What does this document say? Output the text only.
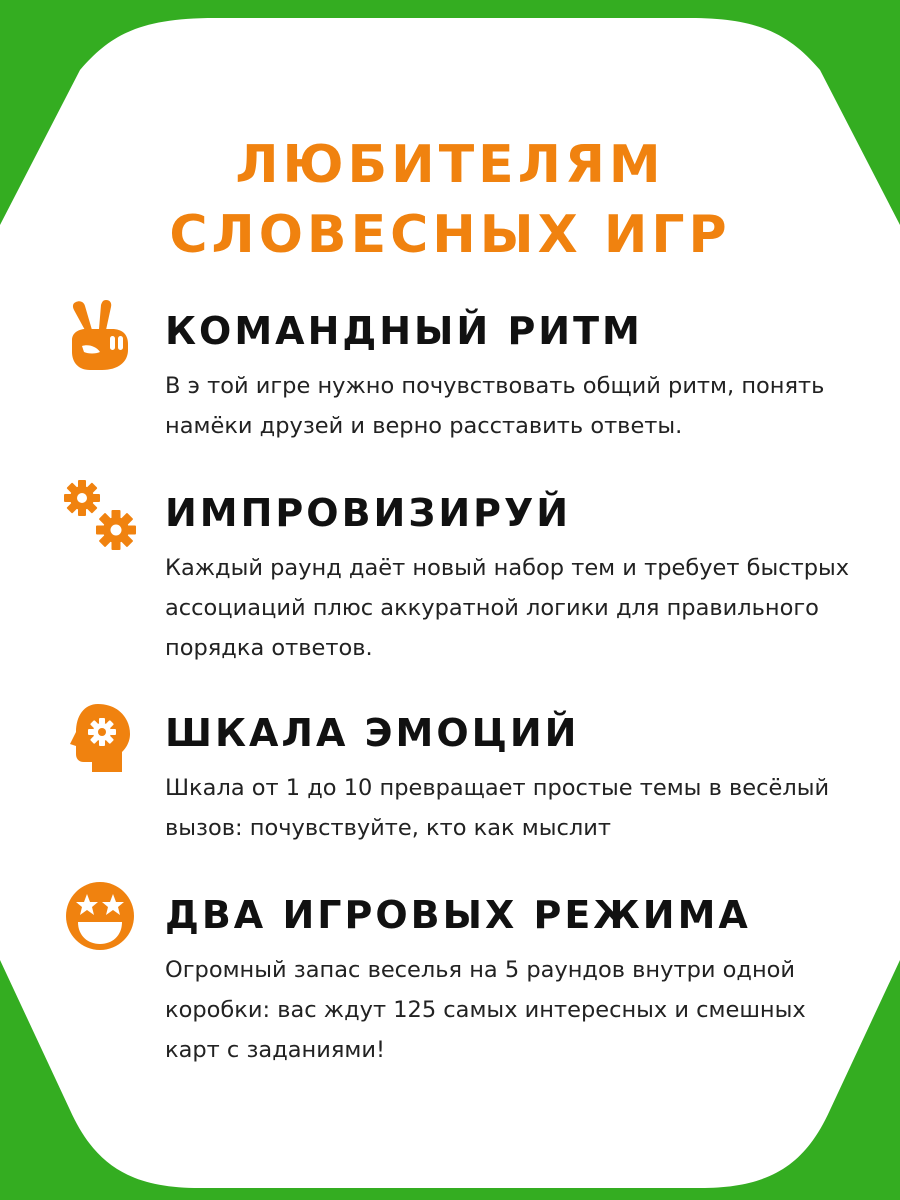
ЛЮБИТЕЛЯМ
СЛОВЕСНЫХ ИГР
КОМАНДНЫЙ РИТМ

В э той игре нужно почувствовать общий ритм, понять намёки друзей и верно расставить ответы.

ИМПРОВИЗИРУЙ

Каждый раунд даёт новый набор тем и требует быстрых ассоциаций плюс аккуратной логики для правильного порядка ответов.

ШКАЛА ЭМОЦИЙ

Шкала от 1 до 10 превращает простые темы в весёлый вызов: почувствуйте, кто как мыслит

ДВА ИГРОВЫХ РЕЖИМА

Огромный запас веселья на 5 раундов внутри одной коробки: вас ждут 125 самых интересных и смешных карт с заданиями!
